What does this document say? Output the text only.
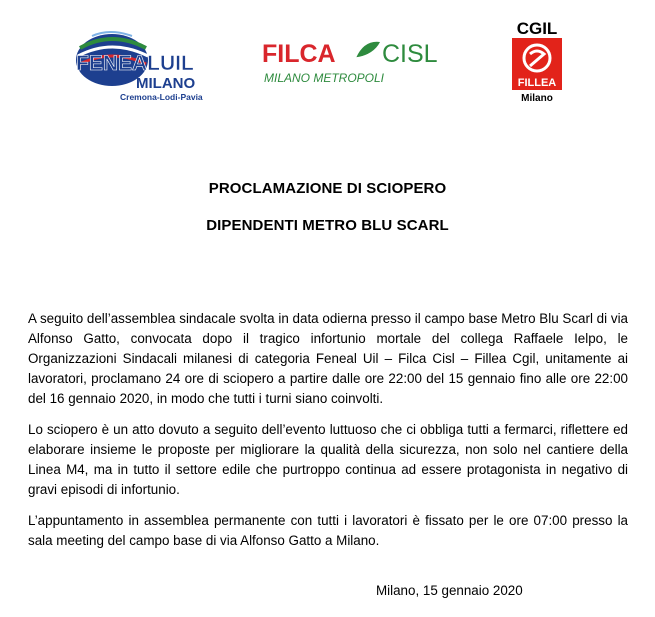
FENEALUIL
MILANO
Cremona-Lodi-Pavia
FILCA CISL
MILANO METROPOLI
CGIL
FILLEA
Milano
PROCLAMAZIONE DI SCIOPERO
DIPENDENTI METRO BLU SCARL

A seguito dell’assemblea sindacale svolta in data odierna presso il campo base Metro Blu Scarl di via Alfonso Gatto, convocata dopo il tragico infortunio mortale del collega Raffaele Ielpo, le Organizzazioni Sindacali milanesi di categoria Feneal Uil – Filca Cisl – Fillea Cgil, unitamente ai lavoratori, proclamano 24 ore di sciopero a partire dalle ore 22:00 del 15 gennaio fino alle ore 22:00 del 16 gennaio 2020, in modo che tutti i turni siano coinvolti.

Lo sciopero è un atto dovuto a seguito dell’evento luttuoso che ci obbliga tutti a fermarci, riflettere ed elaborare insieme le proposte per migliorare la qualità della sicurezza, non solo nel cantiere della Linea M4, ma in tutto il settore edile che purtroppo continua ad essere protagonista in negativo di gravi episodi di infortunio.

L’appuntamento in assemblea permanente con tutti i lavoratori è fissato per le ore 07:00 presso la sala meeting del campo base di via Alfonso Gatto a Milano.

Milano, 15 gennaio 2020
